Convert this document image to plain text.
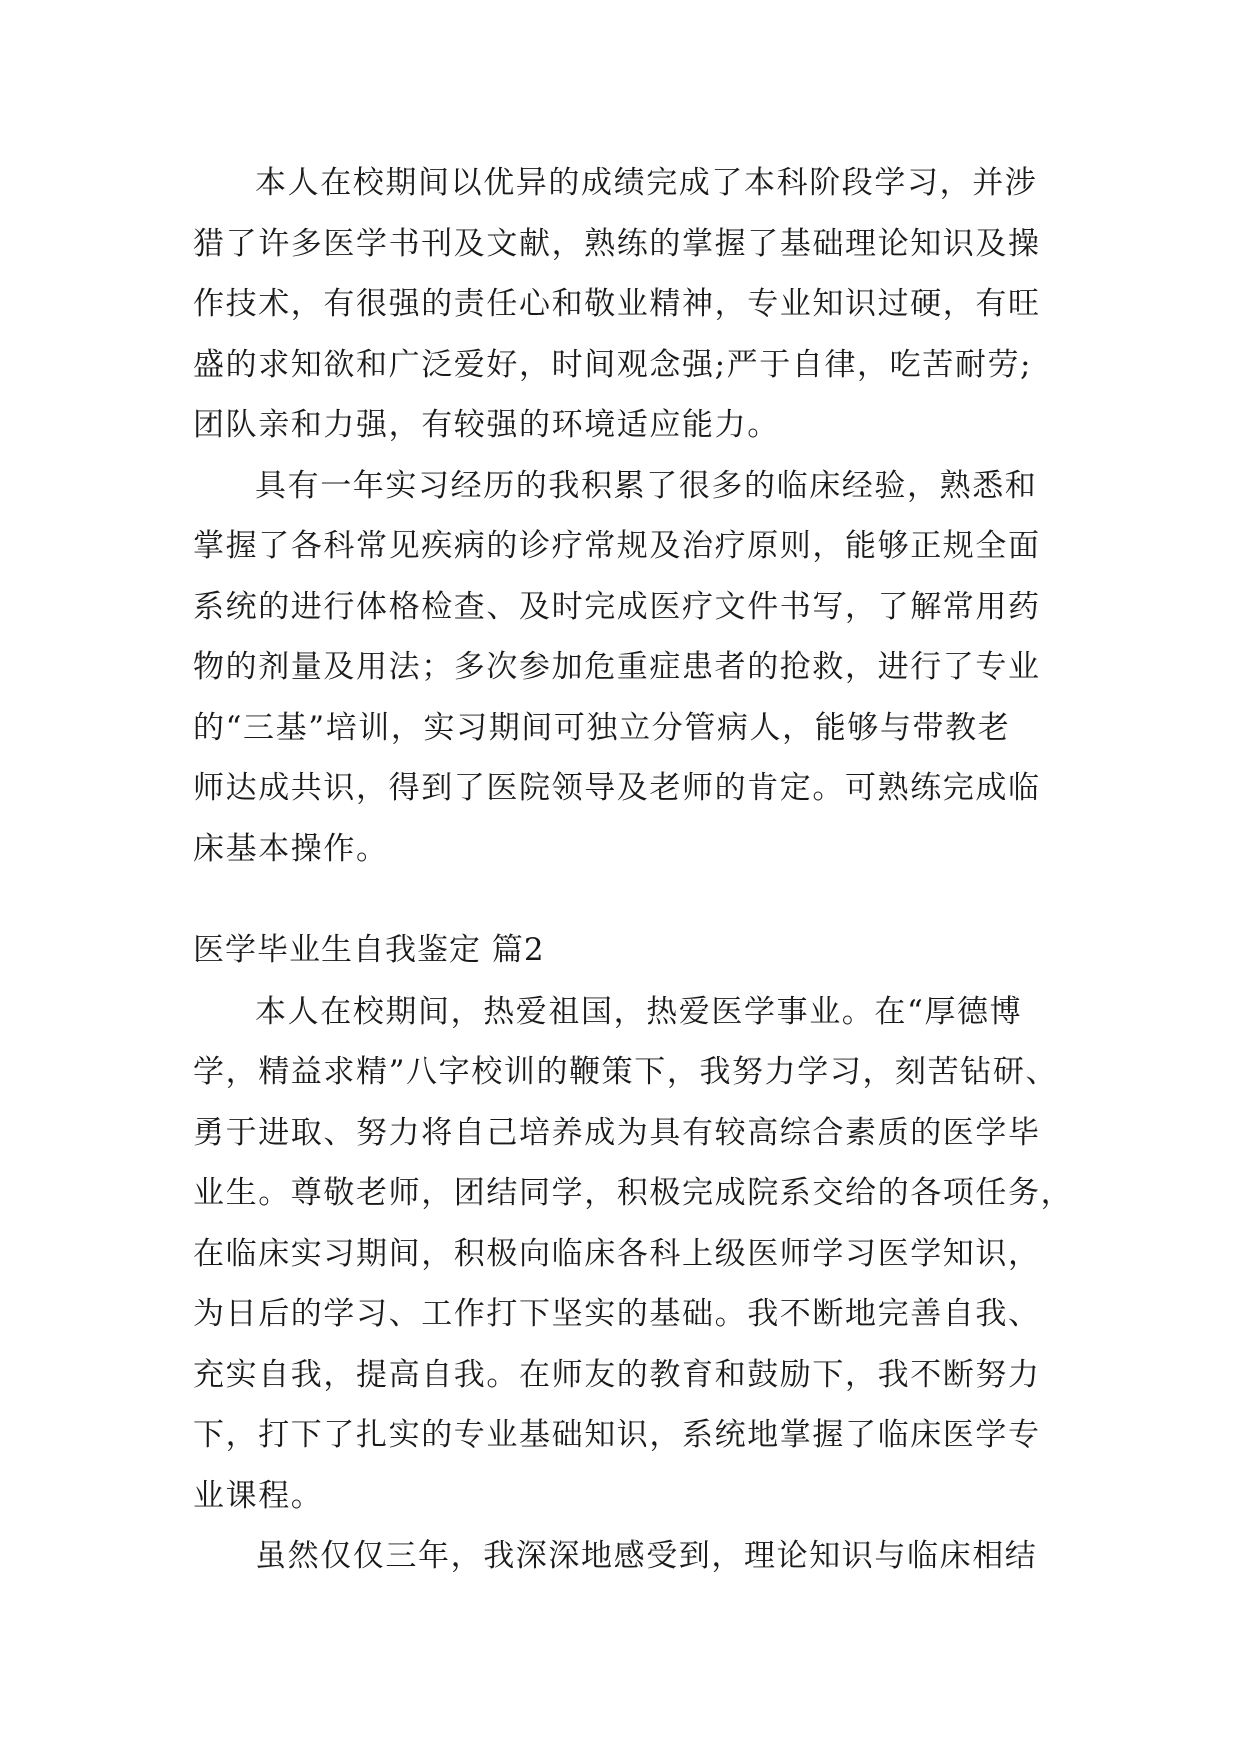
本人在校期间以优异的成绩完成了本科阶段学习，并涉
猎了许多医学书刊及文献，熟练的掌握了基础理论知识及操
作技术，有很强的责任心和敬业精神，专业知识过硬，有旺
盛的求知欲和广泛爱好，时间观念强;严于自律，吃苦耐劳;
团队亲和力强，有较强的环境适应能力。
具有一年实习经历的我积累了很多的临床经验，熟悉和
掌握了各科常见疾病的诊疗常规及治疗原则，能够正规全面
系统的进行体格检查、及时完成医疗文件书写，了解常用药
物的剂量及用法；多次参加危重症患者的抢救，进行了专业
的“三基”培训，实习期间可独立分管病人，能够与带教老
师达成共识，得到了医院领导及老师的肯定。可熟练完成临
床基本操作。
医学毕业生自我鉴定 篇2
本人在校期间，热爱祖国，热爱医学事业。在“厚德博
学，精益求精”八字校训的鞭策下，我努力学习，刻苦钻研、
勇于进取、努力将自己培养成为具有较高综合素质的医学毕
业生。尊敬老师，团结同学，积极完成院系交给的各项任务，
在临床实习期间，积极向临床各科上级医师学习医学知识，
为日后的学习、工作打下坚实的基础。我不断地完善自我、
充实自我，提高自我。在师友的教育和鼓励下，我不断努力
下，打下了扎实的专业基础知识，系统地掌握了临床医学专
业课程。
虽然仅仅三年，我深深地感受到，理论知识与临床相结
